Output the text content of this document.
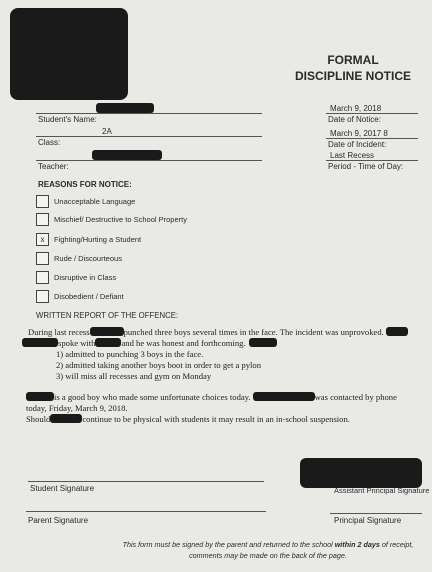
FORMAL
DISCIPLINE NOTICE
Student's Name:
2A
Class:
Teacher:
March 9, 2018
Date of Notice:
March 9, 2017 8
Date of Incident:
Last Recess
Period - Time of Day:
REASONS FOR NOTICE:
Unacceptable Language
Mischief/ Destructive to School Property
x	Fighting/Hurting a Student
Rude / Discourteous
Disruptive in Class
Disobedient / Defiant
WRITTEN REPORT OF THE OFFENCE:
During last recess	punched three boys several times in the face. The incident was unprovoked.
spoke with	and he was honest and forthcoming.
1) admitted to punching 3 boys in the face.
2) admitted taking another boys boot in order to get a pylon
3) will miss all recesses and gym on Monday
is a good boy who made some unfortunate choices today.	was contacted by phone
today, Friday, March 9, 2018.
Should	continue to be physical with students it may result in an in-school suspension.
Student Signature	Assistant Principal Signature
Parent Signature	Principal Signature
This form must be signed by the parent and returned to the school within 2 days of receipt,
comments may be made on the back of the page.
